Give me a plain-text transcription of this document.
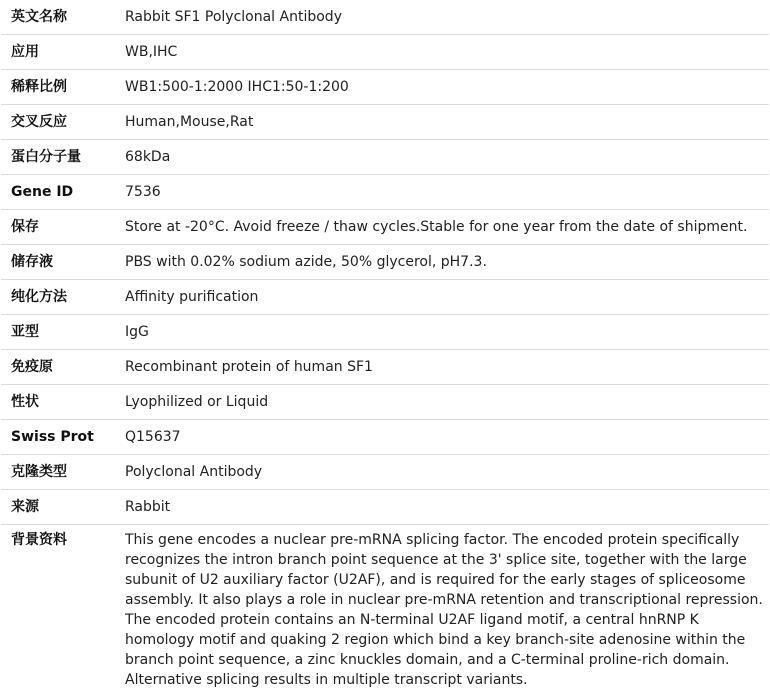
英文名称	Rabbit SF1 Polyclonal Antibody
应用	WB,IHC
稀释比例	WB1:500-1:2000 IHC1:50-1:200
交叉反应	Human,Mouse,Rat
蛋白分子量	68kDa
Gene ID	7536
保存	Store at -20°C. Avoid freeze / thaw cycles.Stable for one year from the date of shipment.
储存液	PBS with 0.02% sodium azide, 50% glycerol, pH7.3.
纯化方法	Affinity purification
亚型	IgG
免疫原	Recombinant protein of human SF1
性状	Lyophilized or Liquid
Swiss Prot	Q15637
克隆类型	Polyclonal Antibody
来源	Rabbit
背景资料	This gene encodes a nuclear pre-mRNA splicing factor. The encoded protein specifically recognizes the intron branch point sequence at the 3' splice site, together with the large subunit of U2 auxiliary factor (U2AF), and is required for the early stages of spliceosome assembly. It also plays a role in nuclear pre-mRNA retention and transcriptional repression. The encoded protein contains an N-terminal U2AF ligand motif, a central hnRNP K homology motif and quaking 2 region which bind a key branch-site adenosine within the branch point sequence, a zinc knuckles domain, and a C-terminal proline-rich domain. Alternative splicing results in multiple transcript variants.
